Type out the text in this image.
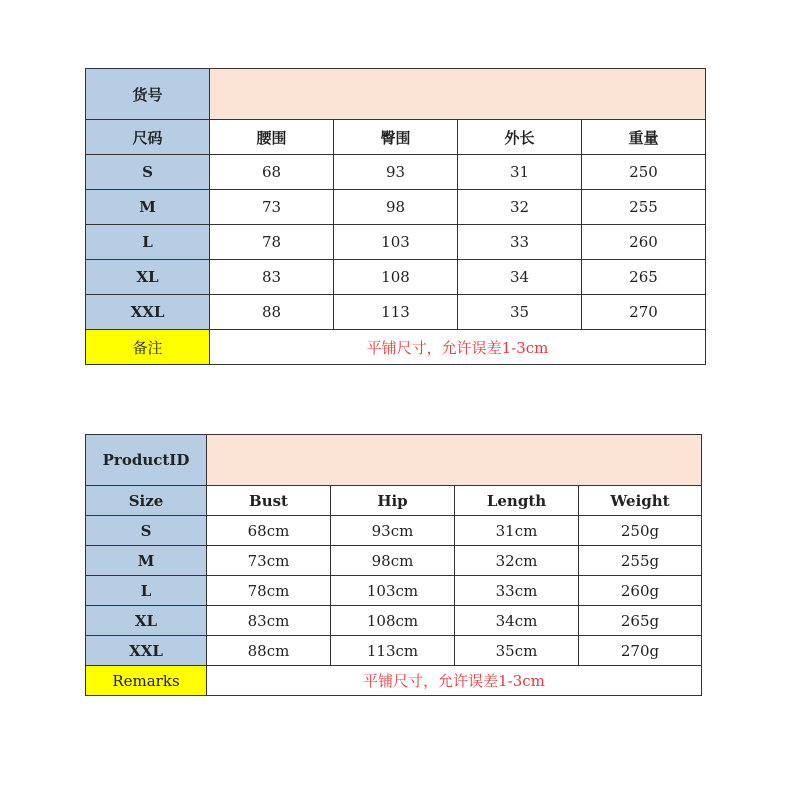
货号				
尺码	腰围	臀围	外长	重量
S	68	93	31	250
M	73	98	32	255
L	78	103	33	260
XL	83	108	34	265
XXL	88	113	35	270
备注	平铺尺寸，允许误差1-3cm			
ProductID				
Size	Bust	Hip	Length	Weight
S	68cm	93cm	31cm	250g
M	73cm	98cm	32cm	255g
L	78cm	103cm	33cm	260g
XL	83cm	108cm	34cm	265g
XXL	88cm	113cm	35cm	270g
Remarks	平铺尺寸，允许误差1-3cm			
